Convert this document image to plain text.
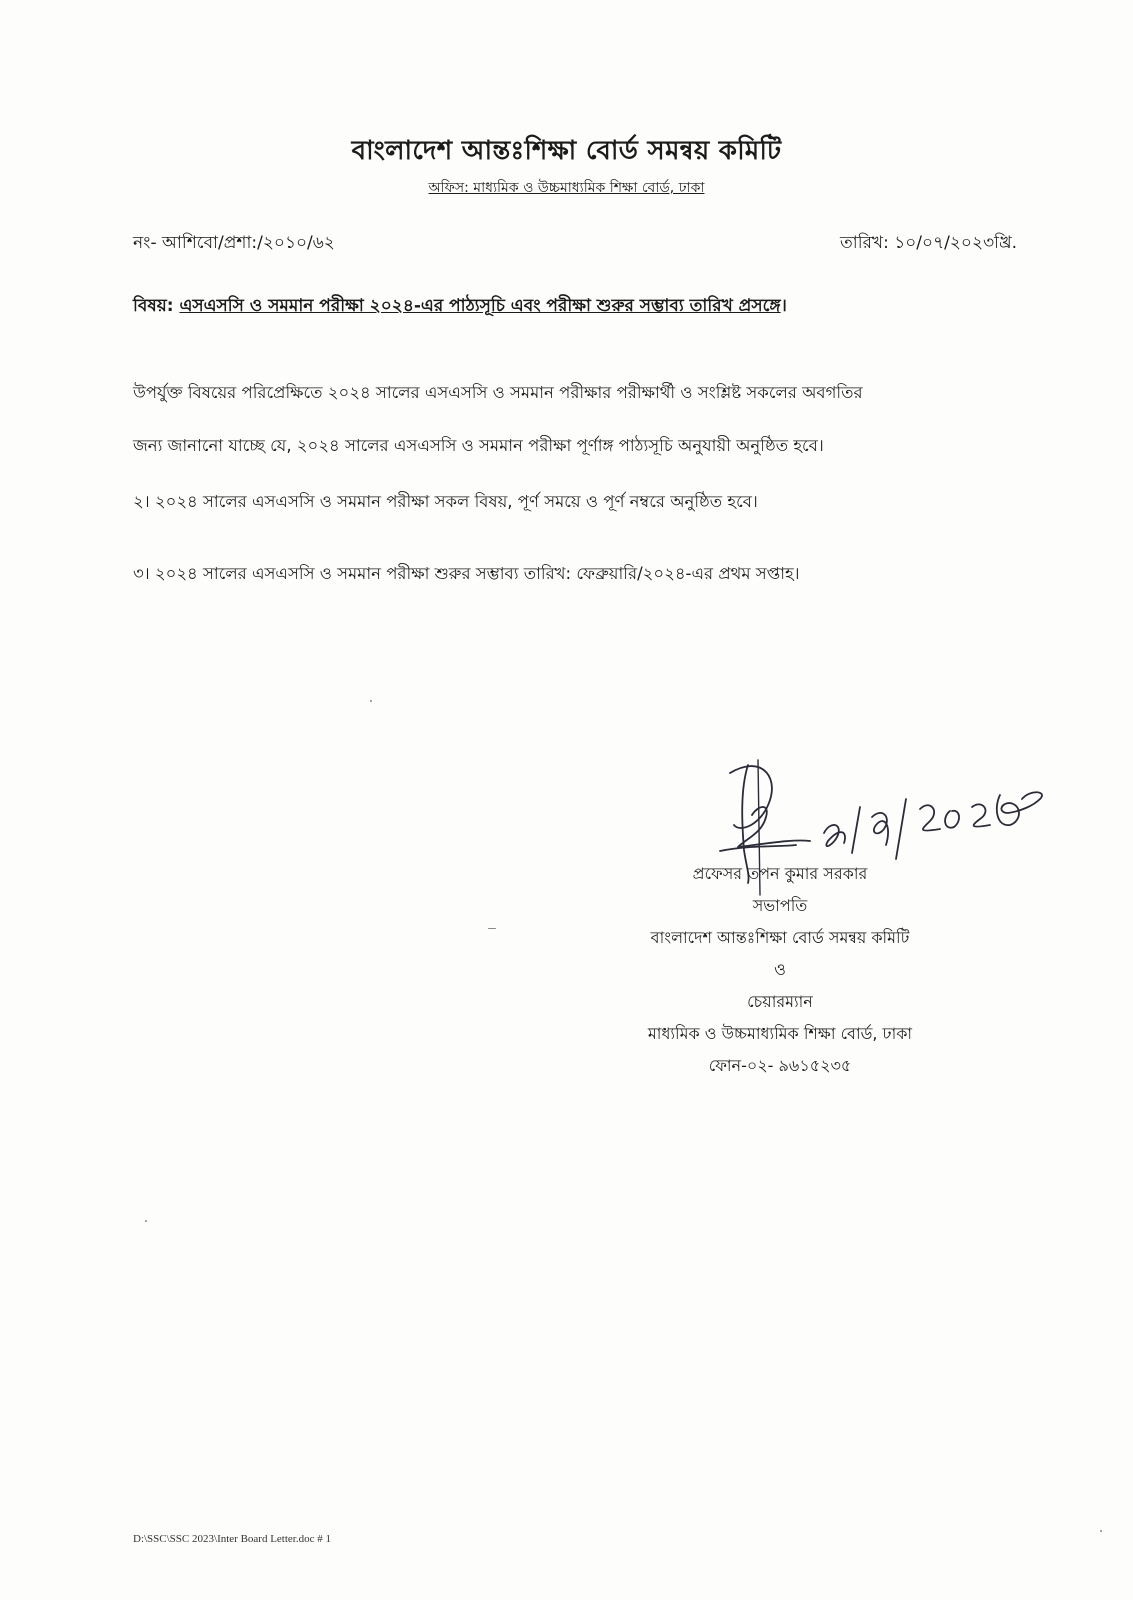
বাংলাদেশ আন্তঃশিক্ষা বোর্ড সমন্বয় কমিটি
অফিস: মাধ্যমিক ও উচ্চমাধ্যমিক শিক্ষা বোর্ড, ঢাকা
নং- আশিবো/প্রশা:/২০১০/৬২	তারিখ: ১০/০৭/২০২৩খ্রি.
বিষয়: এসএসসি ও সমমান পরীক্ষা ২০২৪-এর পাঠ্যসূচি এবং পরীক্ষা শুরুর সম্ভাব্য তারিখ প্রসঙ্গে।
উপর্যুক্ত বিষয়ের পরিপ্রেক্ষিতে ২০২৪ সালের এসএসসি ও সমমান পরীক্ষার পরীক্ষার্থী ও সংশ্লিষ্ট সকলের অবগতির
জন্য জানানো যাচ্ছে যে, ২০২৪ সালের এসএসসি ও সমমান পরীক্ষা পূর্ণাঙ্গ পাঠ্যসূচি অনুযায়ী অনুষ্ঠিত হবে।
২। ২০২৪ সালের এসএসসি ও সমমান পরীক্ষা সকল বিষয়, পূর্ণ সময়ে ও পূর্ণ নম্বরে অনুষ্ঠিত হবে।
৩। ২০২৪ সালের এসএসসি ও সমমান পরীক্ষা শুরুর সম্ভাব্য তারিখ: ফেব্রুয়ারি/২০২৪-এর প্রথম সপ্তাহ।
প্রফেসর তপন কুমার সরকার
সভাপতি
বাংলাদেশ আন্তঃশিক্ষা বোর্ড সমন্বয় কমিটি
ও
চেয়ারম্যান
মাধ্যমিক ও উচ্চমাধ্যমিক শিক্ষা বোর্ড, ঢাকা
ফোন-০২- ৯৬১৫২৩৫
D:\SSC\SSC 2023\Inter Board Letter.doc # 1
